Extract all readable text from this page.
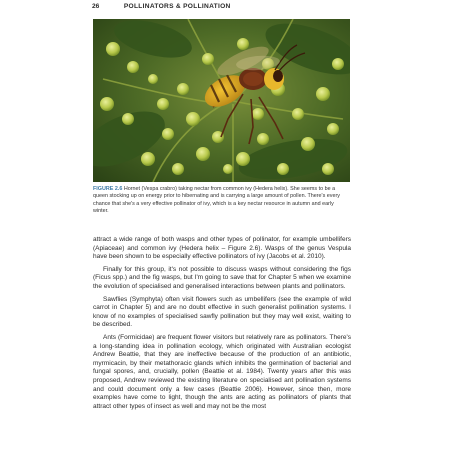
26	POLLINATORS & POLLINATION
FIGURE 2.6 Hornet (Vespa crabro) taking nectar from common ivy (Hedera helix). She seems to be a queen stocking up on energy prior to hibernating and is carrying a large amount of pollen. There's every chance that she's a very effective pollinator of ivy, which is a key nectar resource in autumn and early winter.

attract a wide range of both wasps and other types of pollinator, for example umbellifers (Apiaceae) and common ivy (Hedera helix – Figure 2.6). Wasps of the genus Vespula have been shown to be especially effective pollinators of ivy (Jacobs et al. 2010).

Finally for this group, it's not possible to discuss wasps without considering the figs (Ficus spp.) and the fig wasps, but I'm going to save that for Chapter 5 when we examine the evolution of specialised and generalised interactions between plants and pollinators.

Sawflies (Symphyta) often visit flowers such as umbellifers (see the example of wild carrot in Chapter 5) and are no doubt effective in such generalist pollination systems. I know of no examples of specialised sawfly pollination but they may well exist, waiting to be described.

Ants (Formicidae) are frequent flower visitors but relatively rare as pollinators. There's a long-standing idea in pollination ecology, which originated with Australian ecologist Andrew Beattie, that they are ineffective because of the production of an antibiotic, myrmicacin, by their metathoracic glands which inhibits the germination of bacterial and fungal spores, and, crucially, pollen (Beattie et al. 1984). Twenty years after this was proposed, Andrew reviewed the existing literature on specialised ant pollination systems and could document only a few cases (Beattie 2006). However, since then, more examples have come to light, though the ants are acting as pollinators of plants that attract other types of insect as well and may not be the most
